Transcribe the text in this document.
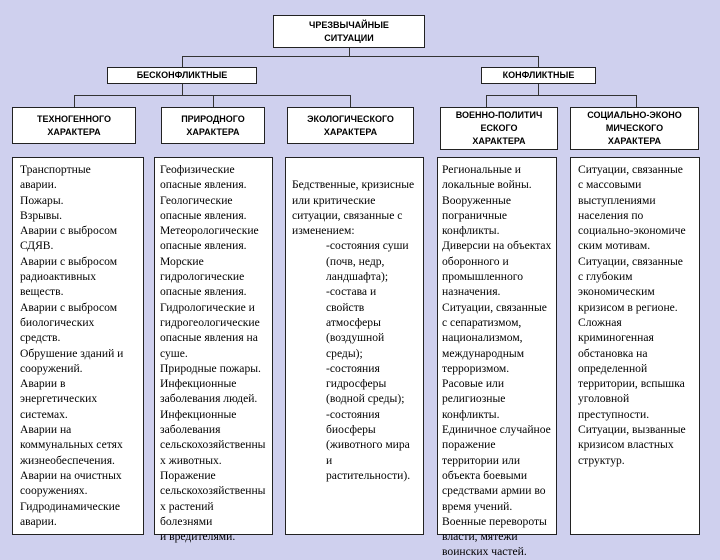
ЧРЕЗВЫЧАЙНЫЕ
СИТУАЦИИ
БЕСКОНФЛИКТНЫЕ	КОНФЛИКТНЫЕ
ТЕХНОГЕННОГО
ХАРАКТЕРА
ПРИРОДНОГО
ХАРАКТЕРА
ЭКОЛОГИЧЕСКОГО
ХАРАКТЕРА
ВОЕННО-ПОЛИТИЧ
ЕСКОГО
ХАРАКТЕРА
СОЦИАЛЬНО-ЭКОНО
МИЧЕСКОГО
ХАРАКТЕРА
Транспортные
аварии.
Пожары.
Взрывы.
Аварии с выбросом
СДЯВ.
Аварии с выбросом
радиоактивных
веществ.
Аварии с выбросом
биологических
средств.
Обрушение зданий и
сооружений.
Аварии в
энергетических
системах.
Аварии на
коммунальных сетях
жизнеобеспечения.
Аварии на очистных
сооружениях.
Гидродинамические
аварии.
Геофизические
опасные явления.
Геологические
опасные явления.
Метеорологические
опасные явления.
Морские
гидрологические
опасные явления.
Гидрологические и
гидрогеологические
опасные явления на
суше.
Природные пожары.
Инфекционные
заболевания людей.
Инфекционные
заболевания
сельскохозяйственны
х животных.
Поражение
сельскохозяйственны
х растений болезнями
и вредителями.

Бедственные, кризисные
или критические
ситуации, связанные с
изменением:

-состояния суши
(почв, недр,
ландшафта);
-состава и
свойств
атмосферы
(воздушной
среды);
-состояния
гидросферы
(водной среды);
-состояния
биосферы
(животного мира
и
растительности).

Региональные и
локальные войны.
Вооруженные
пограничные
конфликты.
Диверсии на объектах
оборонного и
промышленного
назначения.
Ситуации, связанные
с сепаратизмом,
национализмом,
международным
терроризмом.
Расовые или
религиозные
конфликты.
Единичное случайное
поражение
территории или
объекта боевыми
средствами армии во
время учений.
Военные перевороты
власти, мятежи
воинских частей.
Ситуации, связанные
с массовыми
выступлениями
населения по
социально-экономиче
ским мотивам.
Ситуации, связанные
с глубоким
экономическим
кризисом в регионе.
Сложная
криминогенная
обстановка на
определенной
территории, вспышка
уголовной
преступности.
Ситуации, вызванные
кризисом властных
структур.
